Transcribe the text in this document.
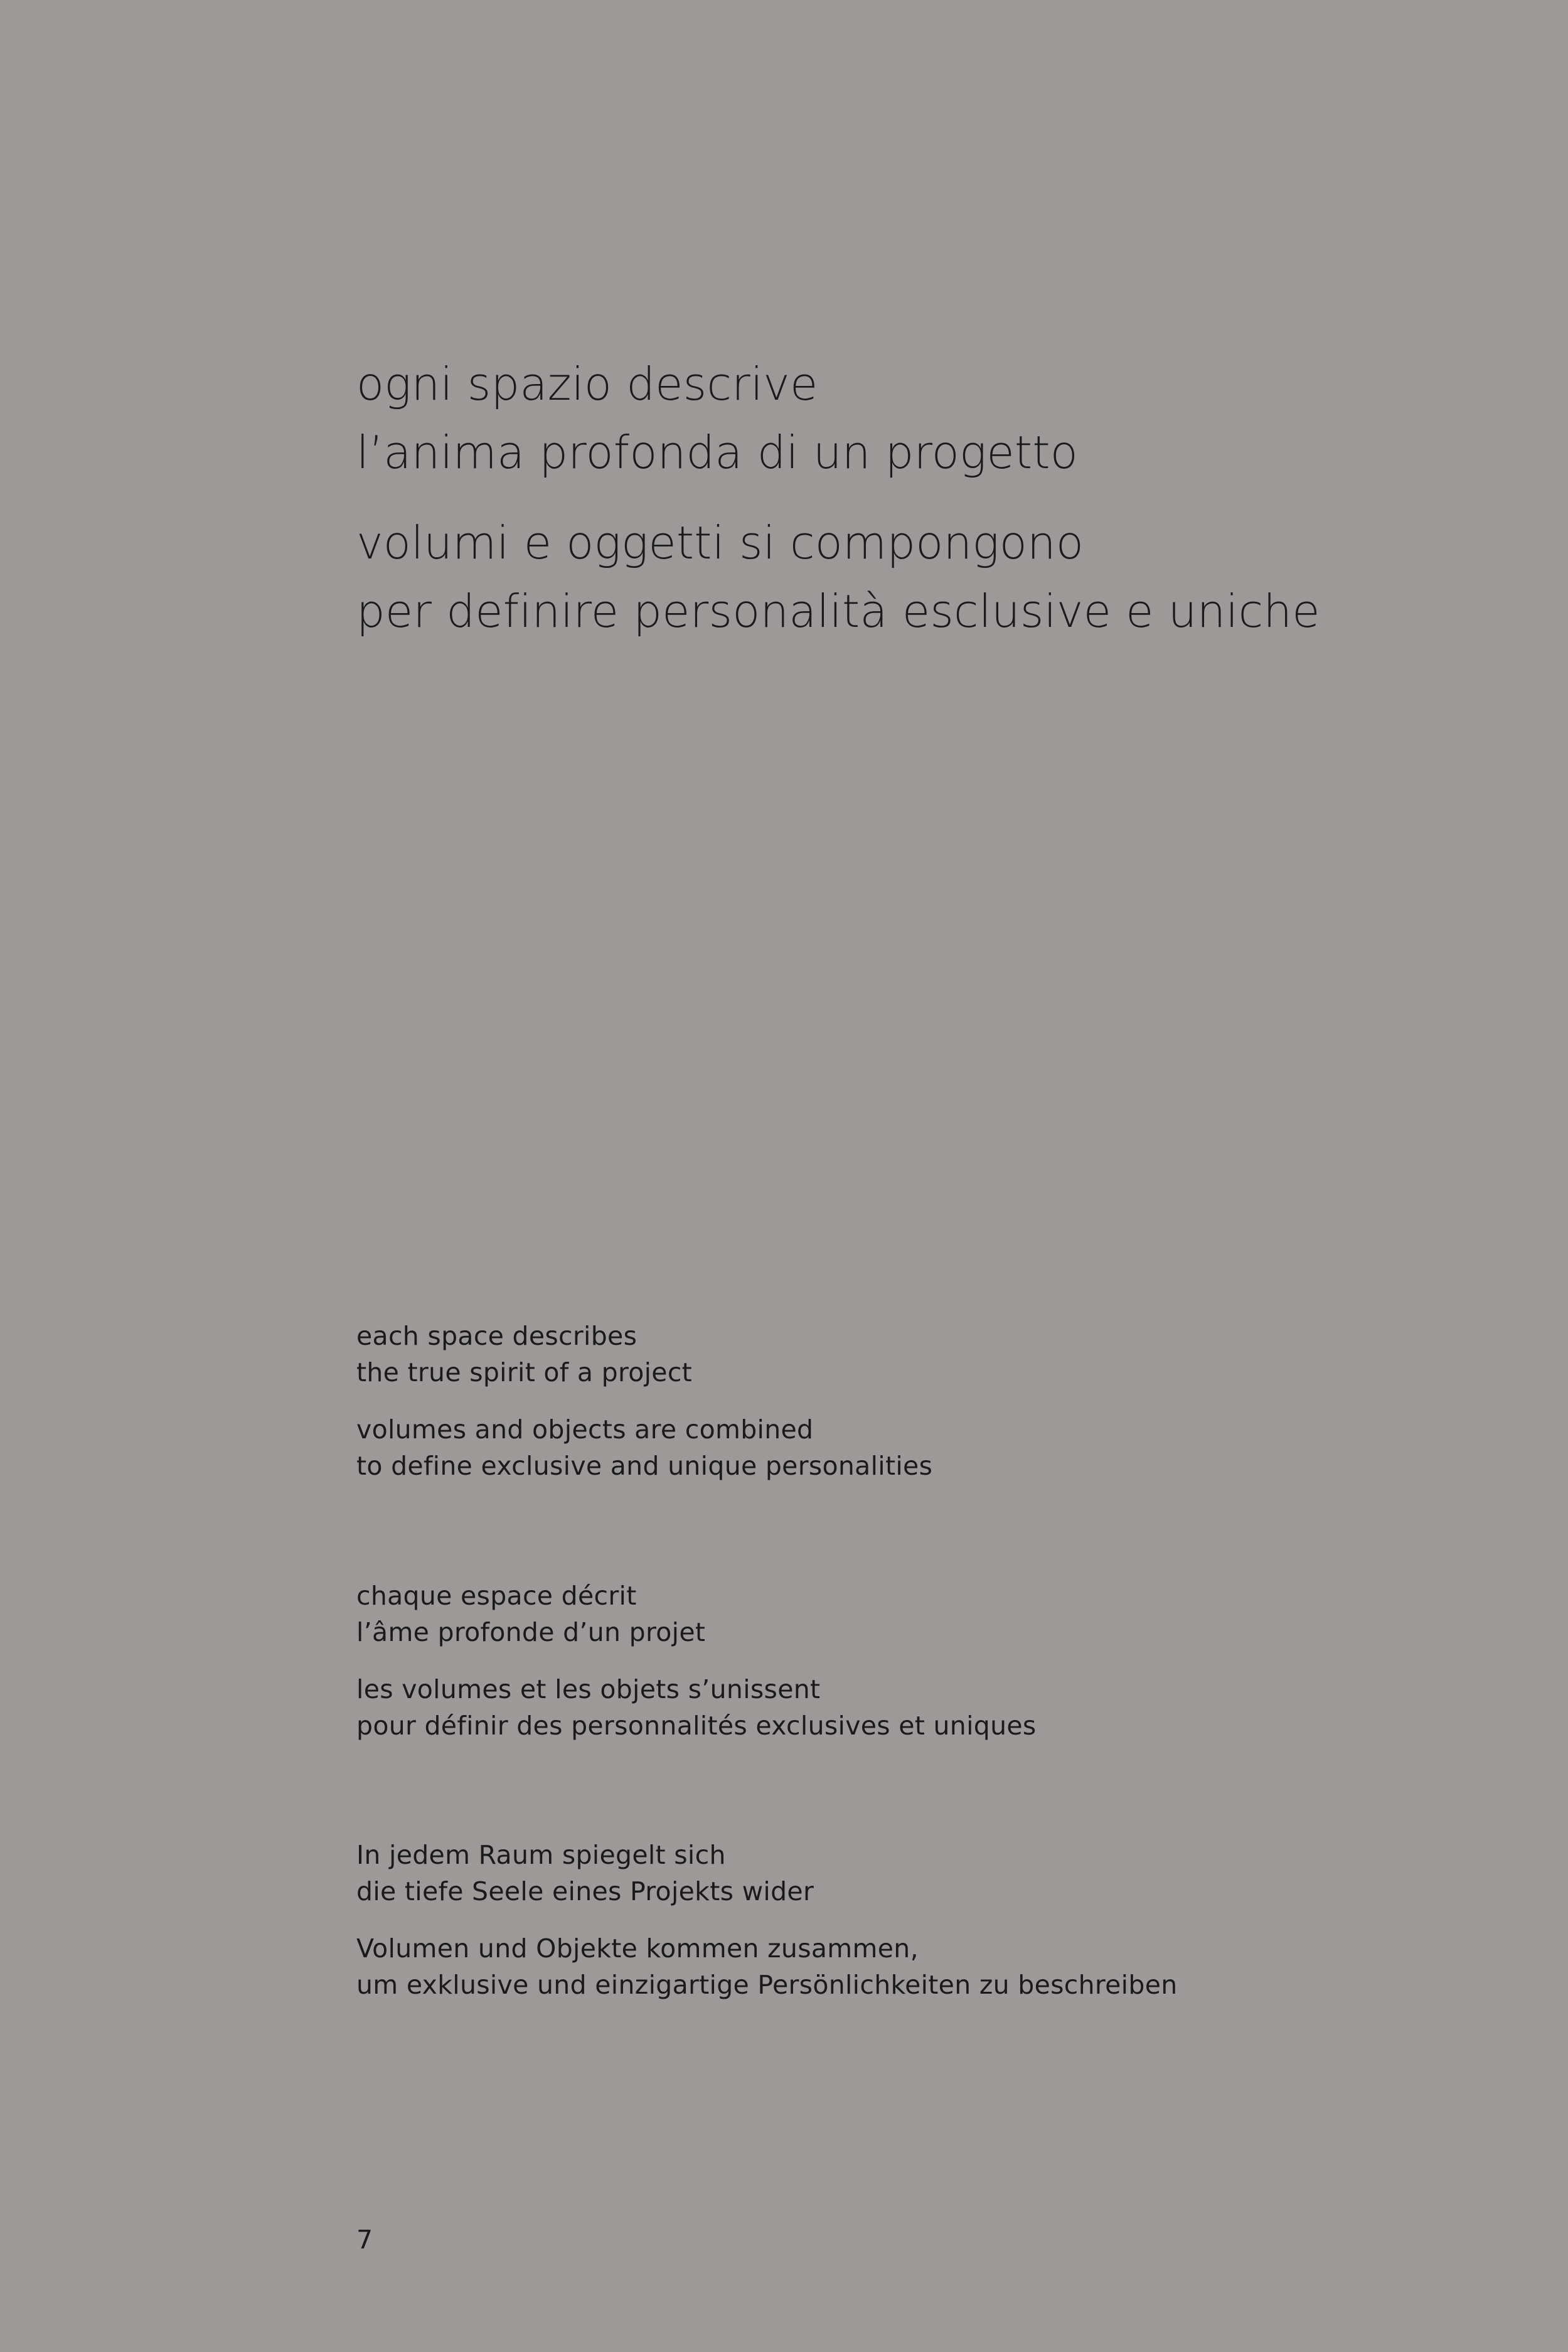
ogni spazio descrive
l’anima profonda di un progetto
volumi e oggetti si compongono
per definire personalità esclusive e uniche
each space describes
the true spirit of a project
volumes and objects are combined
to define exclusive and unique personalities
chaque espace décrit
l’âme profonde d’un projet
les volumes et les objets s’unissent
pour définir des personnalités exclusives et uniques
In jedem Raum spiegelt sich
die tiefe Seele eines Projekts wider
Volumen und Objekte kommen zusammen,
um exklusive und einzigartige Persönlichkeiten zu beschreiben
7
